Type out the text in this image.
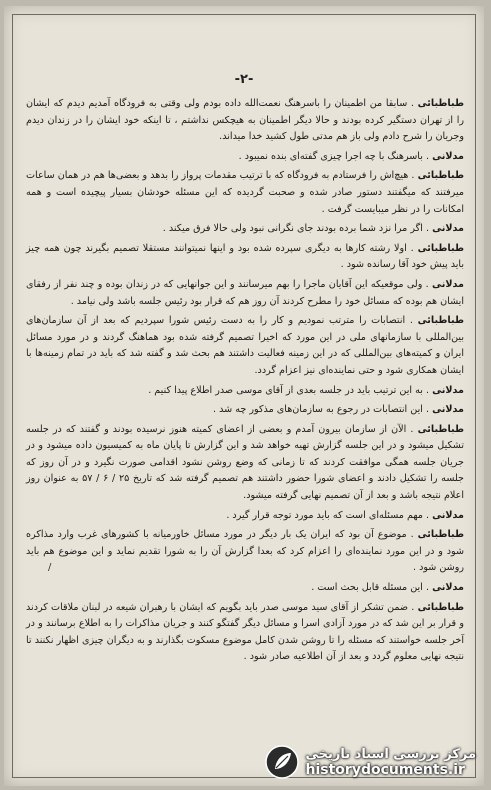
-٢-

طباطبائی . سابقا من اطمینان را باسرهنگ نعمت‌الله داده بودم ولی وقتی به فرودگاه آمدیم دیدم که ایشان را از تهران دستگیر کرده بودند و حالا دیگر اطمینان به هیچکس نداشتم ، تا اینکه خود ایشان را در زندان دیدم وجریان را شرح دادم ولی باز هم مدتی طول کشید خدا میداند.

مدلانی . باسرهنگ با چه اجرا چیزی گفته‌ای بنده نمیبود .

طباطبائی . هیچ‌اش را فرستادم به فرودگاه که با ترتیب مقدمات پرواز را بدهد و بعضی‌ها هم در همان ساعات میرفتند که میگفتند دستور صادر شده و صحبت گردیده که این مسئله خودشان بسیار پیچیده است و همه امکانات را در نظر میبایست گرفت .

مدلانی . اگر مرا نزد شما برده بودند جای نگرانی نبود ولی حالا فرق میکند .

طباطبائی . اولا رشته کارها به دیگری سپرده شده بود و اینها نمیتوانند مستقلا تصمیم بگیرند چون همه چیز باید پیش خود آقا رسانده شود .

مدلانی . ولی موقعیکه این آقایان ماجرا را بهم میرسانند و این جوانهایی که در زندان بوده و چند نفر از رفقای ایشان هم بوده که مسائل خود را مطرح کردند آن روز هم که قرار بود رئیس جلسه باشد ولی نیامد .

طباطبائی . انتصابات را مترتب نمودیم و کار را به دست رئیس شورا سپردیم که بعد از آن سازمان‌های بین‌المللی با سازمانهای ملی در این مورد که اخیرا تصمیم گرفته شده بود هماهنگ گردند و در مورد مسائل ایران و کمیته‌های بین‌المللی که در این زمینه فعالیت داشتند هم بحث شد و گفته شد که باید در تمام زمینه‌ها با ایشان همکاری شود و حتی نماینده‌ای نیز اعزام گردد.

مدلانی . به این ترتیب باید در جلسه بعدی از آقای موسی صدر اطلاع پیدا کنیم .

مدلانی . این انتصابات در رجوع به سازمان‌های مذکور چه شد .

طباطبائی . الآن از سازمان بیرون آمدم و بعضی از اعضای کمیته هنوز نرسیده بودند و گفتند که در جلسه تشکیل میشود و در این جلسه گزارش تهیه خواهد شد و این گزارش تا پایان ماه به کمیسیون داده میشود و در جریان جلسه همگی موافقت کردند که تا زمانی که وضع روشن نشود اقدامی صورت نگیرد و در آن روز که جلسه را تشکیل دادند و اعضای شورا حضور داشتند هم تصمیم گرفته شد که تاریخ ۲۵ / ۶ / ۵۷ به عنوان روز اعلام نتیجه باشد و بعد از آن تصمیم نهایی گرفته میشود.

مدلانی . مهم مسئله‌ای است که باید مورد توجه قرار گیرد .

طباطبائی . موضوع آن بود که ایران یک بار دیگر در مورد مسائل خاورمیانه با کشورهای غرب وارد مذاکره شود و در این مورد نماینده‌ای را اعزام کرد که بعدا گزارش آن را به شورا تقدیم نماید و این موضوع هم باید روشن شود .

مدلانی . این مسئله قابل بحث است .

طباطبائی . ضمن تشکر از آقای سید موسی صدر باید بگویم که ایشان با رهبران شیعه در لبنان ملاقات کردند و قرار بر این شد که در مورد آزادی اسرا و مسائل دیگر گفتگو کنند و جریان مذاکرات را به اطلاع برسانند و در آخر جلسه خواستند که مسئله را تا روشن شدن کامل موضوع مسکوت بگذارند و به دیگران چیزی اظهار نکنند تا نتیجه نهایی معلوم گردد و بعد از آن اطلاعیه صادر شود .

/
مرکز بررسی اسناد تاریخی
historydocuments.ir
